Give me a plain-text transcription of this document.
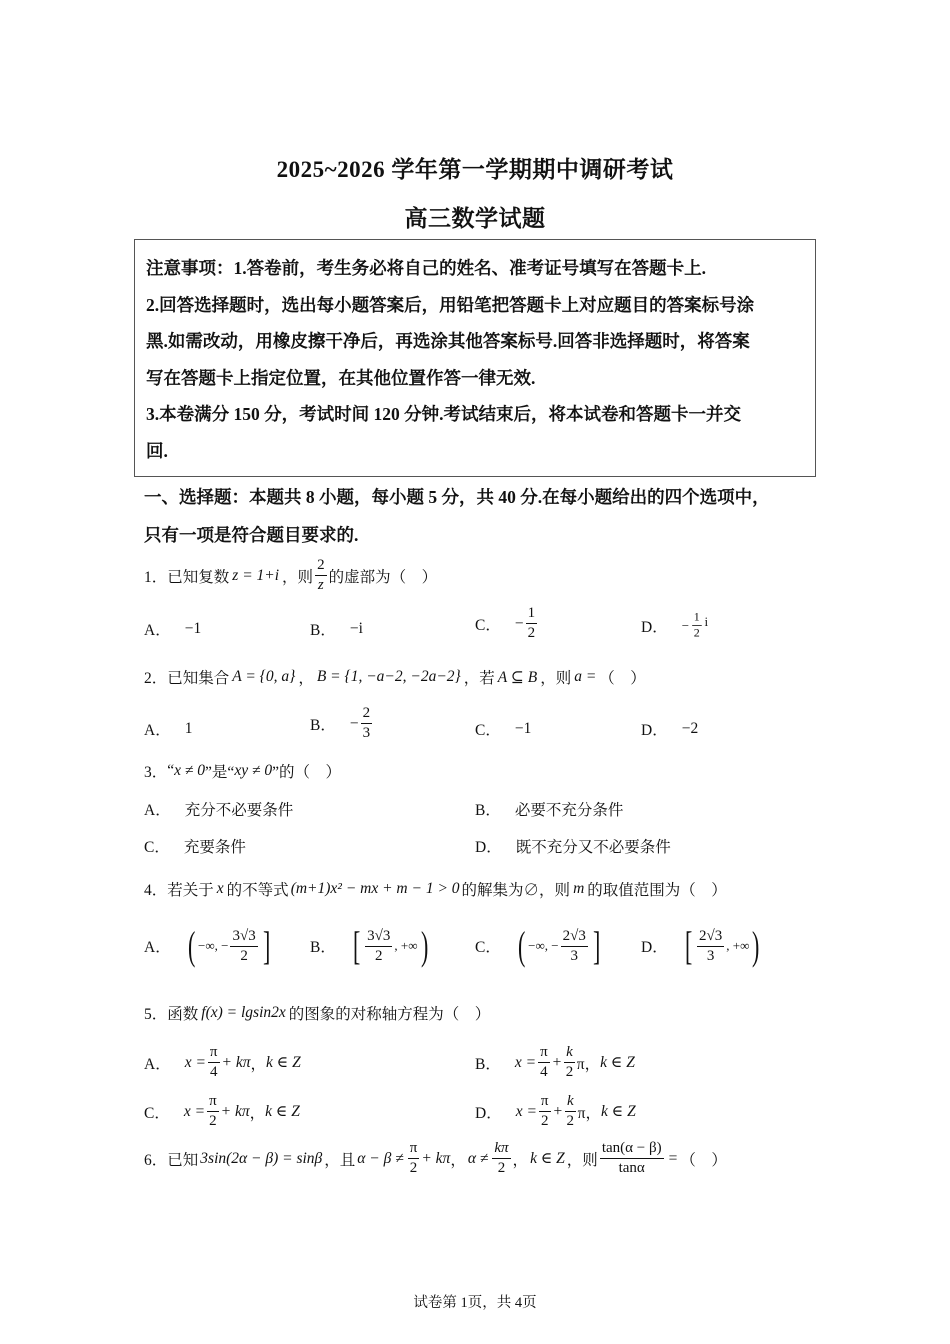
2025~2026 学年第一学期期中调研考试
高三数学试题
注意事项：1.答卷前，考生务必将自己的姓名、准考证号填写在答题卡上.
2.回答选择题时，选出每小题答案后，用铅笔把答题卡上对应题目的答案标号涂
黑.如需改动，用橡皮擦干净后，再选涂其他答案标号.回答非选择题时，将答案
写在答题卡上指定位置，在其他位置作答一律无效.
3.本卷满分 150 分，考试时间 120 分钟.考试结束后，将本试卷和答题卡一并交
回.
一、选择题：本题共 8 小题，每小题 5 分，共 40 分.在每小题给出的四个选项中，
只有一项是符合题目要求的.
1． 已知复数 z = 1+i ，则 $\frac{2}{z}$ 的虚部为（　）
A． −1	B． −i	C． − $\frac{1}{2}$	D． − $\frac{1}{2}$ i
2． 已知集合 A = {0, a} ， B = {1, −a−2, −2a−2} ，若 A ⊆ B ，则 a = （　）
A． 1	B． − $\frac{2}{3}$	C． −1	D． −2
3． “ x ≠ 0 ”是“ xy ≠ 0 ”的（　）
A． 充分不必要条件	B． 必要不充分条件
C． 充要条件	D． 既不充分又不必要条件
4． 若关于 x 的不等式 (m+1)x² − mx + m − 1 > 0 的解集为∅，则 m 的取值范围为（　）
A． ( −∞, − $\frac{3√3}{2}$ ]	B． [ $\frac{3√3}{2}$ , +∞ )	C． ( −∞, − $\frac{2√3}{3}$ ]	D． [ $\frac{2√3}{3}$ , +∞ )
5． 函数 f(x) = lgsin2x 的图象的对称轴方程为（　）
A． $x = \frac{\pi}{4} + k\pi$ ， k ∈ Z	B． $x = \frac{\pi}{4} + \frac{k}{2}$ π， k ∈ Z
C． $x = \frac{\pi}{2} + k\pi$ ， k ∈ Z	D． $x = \frac{\pi}{2} + \frac{k}{2}$ π， k ∈ Z
6． 已知 3sin(2α − β) = sinβ ，且 $\alpha - \beta \ne \frac{\pi}{2} + k\pi$ ， $\alpha \ne \frac{k\pi}{2}$ ， k ∈ Z ，则 $\frac{\tan(\alpha - \beta)}{\tan\alpha}$ = （　）
试卷第 1页，共 4页
